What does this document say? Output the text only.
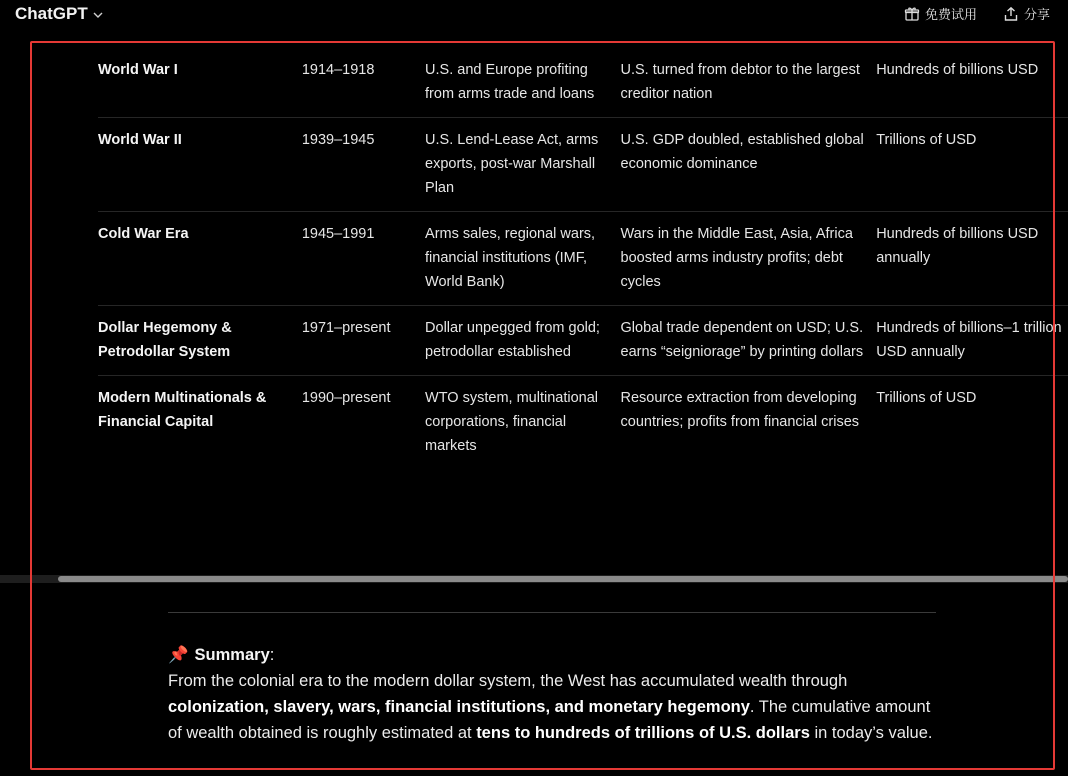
ChatGPT	免费试用	分享
World War I	1914–1918	U.S. and Europe profiting from arms trade and loans	U.S. turned from debtor to the largest creditor nation	Hundreds of billions USD
World War II	1939–1945	U.S. Lend-Lease Act, arms exports, post-war Marshall Plan	U.S. GDP doubled, established global economic dominance	Trillions of USD
Cold War Era	1945–1991	Arms sales, regional wars, financial institutions (IMF, World Bank)	Wars in the Middle East, Asia, Africa boosted arms industry profits; debt cycles	Hundreds of billions USD annually
Dollar Hegemony & Petrodollar System	1971–present	Dollar unpegged from gold; petrodollar established	Global trade dependent on USD; U.S. earns “seigniorage” by printing dollars	Hundreds of billions–1 trillion USD annually
Modern Multinationals & Financial Capital	1990–present	WTO system, multinational corporations, financial markets	Resource extraction from developing countries; profits from financial crises	Trillions of USD
📌 Summary:
From the colonial era to the modern dollar system, the West has accumulated wealth through colonization, slavery, wars, financial institutions, and monetary hegemony. The cumulative amount of wealth obtained is roughly estimated at tens to hundreds of trillions of U.S. dollars in today’s value.
